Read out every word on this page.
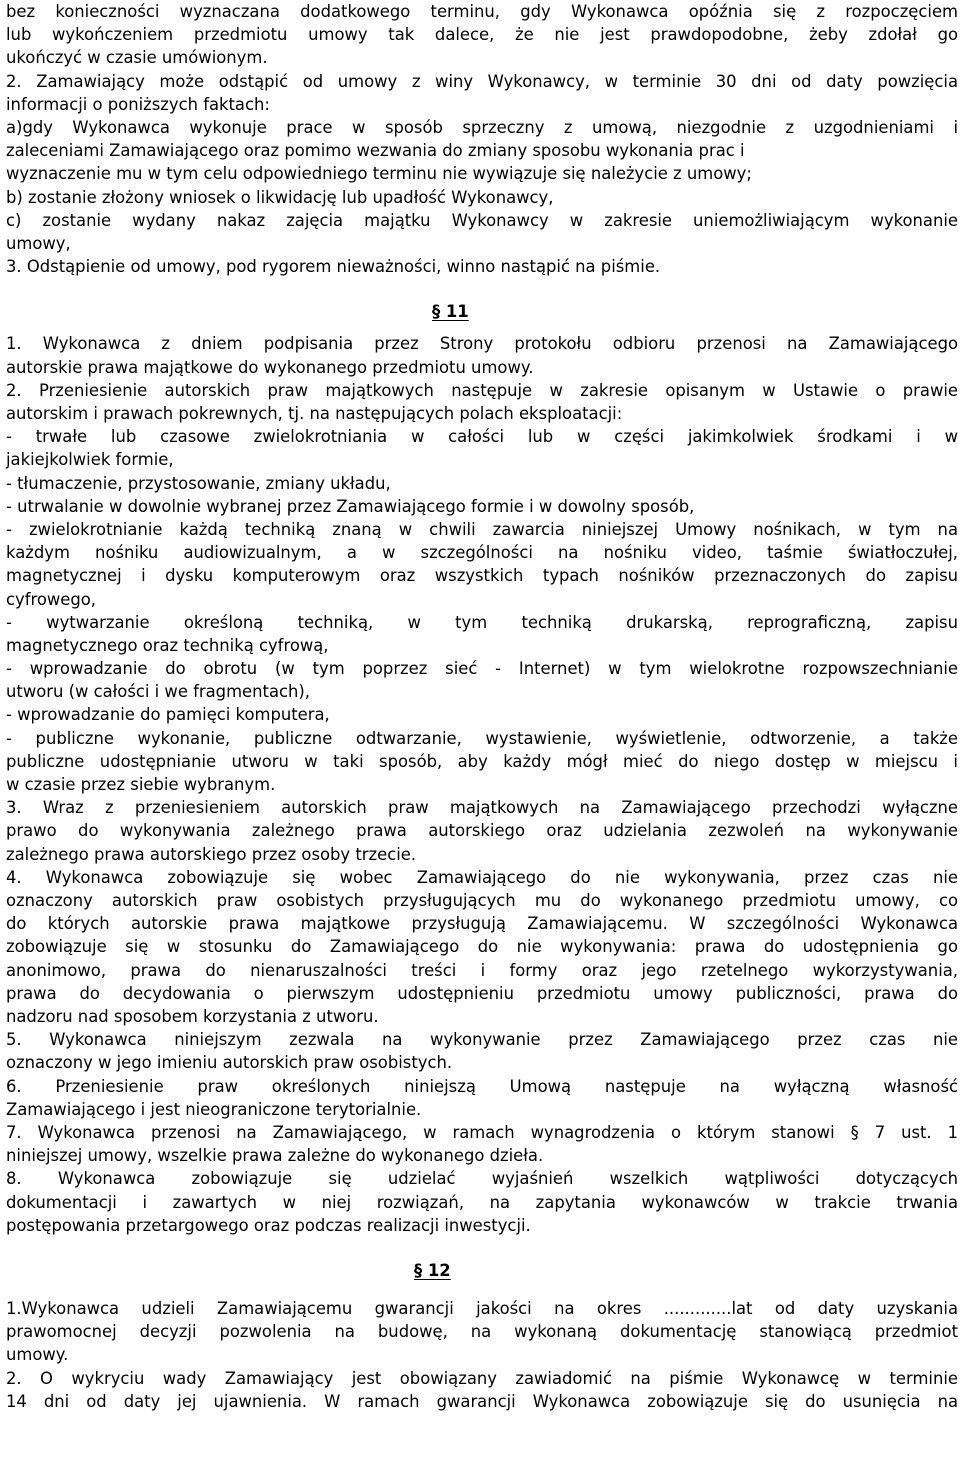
bez konieczności wyznaczana dodatkowego terminu, gdy Wykonawca opóźnia się z rozpoczęciem
lub wykończeniem przedmiotu umowy tak dalece, że nie jest prawdopodobne, żeby zdołał go
ukończyć w czasie umówionym.
2. Zamawiający może odstąpić od umowy z winy Wykonawcy, w terminie 30 dni od daty powzięcia
informacji o poniższych faktach:
a)gdy Wykonawca wykonuje prace w sposób sprzeczny z umową, niezgodnie z uzgodnieniami i
zaleceniami Zamawiającego oraz pomimo wezwania do zmiany sposobu wykonania prac i
wyznaczenie mu w tym celu odpowiedniego terminu nie wywiązuje się należycie z umowy;
b) zostanie złożony wniosek o likwidację lub upadłość Wykonawcy,
c) zostanie wydany nakaz zajęcia majątku Wykonawcy w zakresie uniemożliwiającym wykonanie
umowy,
3. Odstąpienie od umowy, pod rygorem nieważności, winno nastąpić na piśmie.
§ 11
1. Wykonawca z dniem podpisania przez Strony protokołu odbioru przenosi na Zamawiającego
autorskie prawa majątkowe do wykonanego przedmiotu umowy.
2. Przeniesienie autorskich praw majątkowych następuje w zakresie opisanym w Ustawie o prawie
autorskim i prawach pokrewnych, tj. na następujących polach eksploatacji:
- trwałe lub czasowe zwielokrotniania w całości lub w części jakimkolwiek środkami i w
jakiejkolwiek formie,
- tłumaczenie, przystosowanie, zmiany układu,
- utrwalanie w dowolnie wybranej przez Zamawiającego formie i w dowolny sposób,
- zwielokrotnianie każdą techniką znaną w chwili zawarcia niniejszej Umowy nośnikach, w tym na
każdym nośniku audiowizualnym, a w szczególności na nośniku video, taśmie światłoczułej,
magnetycznej i dysku komputerowym oraz wszystkich typach nośników przeznaczonych do zapisu
cyfrowego,
- wytwarzanie określoną techniką, w tym techniką drukarską, reprograficzną, zapisu
magnetycznego oraz techniką cyfrową,
- wprowadzanie do obrotu (w tym poprzez sieć - Internet) w tym wielokrotne rozpowszechnianie
utworu (w całości i we fragmentach),
- wprowadzanie do pamięci komputera,
- publiczne wykonanie, publiczne odtwarzanie, wystawienie, wyświetlenie, odtworzenie, a także
publiczne udostępnianie utworu w taki sposób, aby każdy mógł mieć do niego dostęp w miejscu i
w czasie przez siebie wybranym.
3. Wraz z przeniesieniem autorskich praw majątkowych na Zamawiającego przechodzi wyłączne
prawo do wykonywania zależnego prawa autorskiego oraz udzielania zezwoleń na wykonywanie
zależnego prawa autorskiego przez osoby trzecie.
4. Wykonawca zobowiązuje się wobec Zamawiającego do nie wykonywania, przez czas nie
oznaczony autorskich praw osobistych przysługujących mu do wykonanego przedmiotu umowy, co
do których autorskie prawa majątkowe przysługują Zamawiającemu. W szczególności Wykonawca
zobowiązuje się w stosunku do Zamawiającego do nie wykonywania: prawa do udostępnienia go
anonimowo, prawa do nienaruszalności treści i formy oraz jego rzetelnego wykorzystywania,
prawa do decydowania o pierwszym udostępnieniu przedmiotu umowy publiczności, prawa do
nadzoru nad sposobem korzystania z utworu.
5. Wykonawca niniejszym zezwala na wykonywanie przez Zamawiającego przez czas nie
oznaczony w jego imieniu autorskich praw osobistych.
6. Przeniesienie praw określonych niniejszą Umową następuje na wyłączną własność
Zamawiającego i jest nieograniczone terytorialnie.
7. Wykonawca przenosi na Zamawiającego, w ramach wynagrodzenia o którym stanowi § 7 ust. 1
niniejszej umowy, wszelkie prawa zależne do wykonanego dzieła.
8. Wykonawca zobowiązuje się udzielać wyjaśnień wszelkich wątpliwości dotyczących
dokumentacji i zawartych w niej rozwiązań, na zapytania wykonawców w trakcie trwania
postępowania przetargowego oraz podczas realizacji inwestycji.
§ 12
1.Wykonawca udzieli Zamawiającemu gwarancji jakości na okres .............lat od daty uzyskania
prawomocnej decyzji pozwolenia na budowę, na wykonaną dokumentację stanowiącą przedmiot
umowy.
2. O wykryciu wady Zamawiający jest obowiązany zawiadomić na piśmie Wykonawcę w terminie
14 dni od daty jej ujawnienia. W ramach gwarancji Wykonawca zobowiązuje się do usunięcia na
